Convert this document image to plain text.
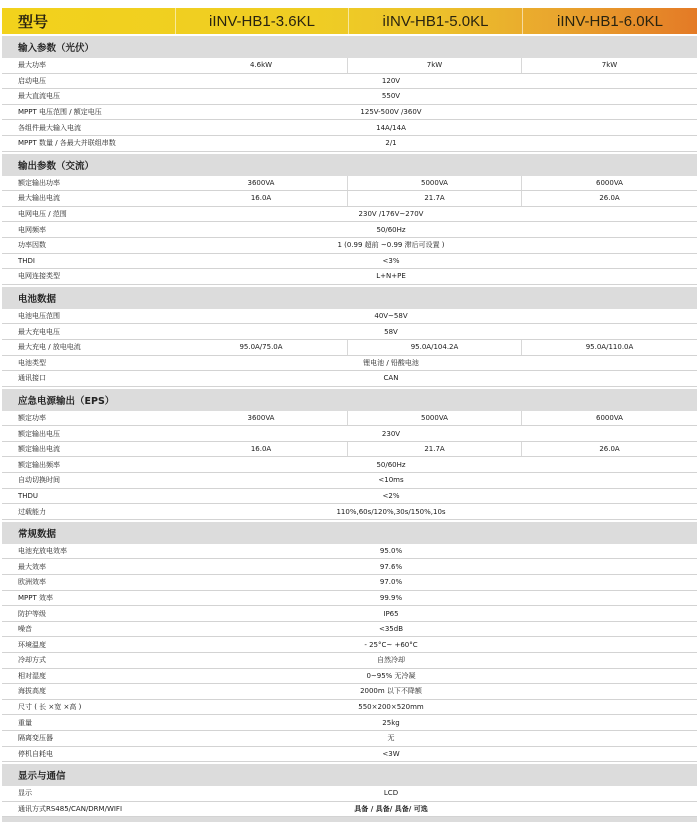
型号	iINV-HB1-3.6KL	iINV-HB1-5.0KL	iINV-HB1-6.0KL
输入参数（光伏）
最大功率	4.6kW	7kW	7kW
启动电压	120V
最大直流电压	550V
MPPT 电压范围 / 额定电压	125V-500V /360V
各组件最大输入电流	14A/14A
MPPT 数量 / 各最大并联组串数	2/1
输出参数（交流）
额定输出功率	3600VA	5000VA	6000VA
最大输出电流	16.0A	21.7A	26.0A
电网电压 / 范围	230V /176V~270V
电网频率	50/60Hz
功率因数	1 (0.99 超前 ~0.99 滞后可设置 )
THDI	<3%
电网连接类型	L+N+PE
电池数据
电池电压范围	40V~58V
最大充电电压	58V
最大充电 / 放电电流	95.0A/75.0A	95.0A/104.2A	95.0A/110.0A
电池类型	锂电池 / 铅酸电池
通讯接口	CAN
应急电源输出（EPS）
额定功率	3600VA	5000VA	6000VA
额定输出电压	230V
额定输出电流	16.0A	21.7A	26.0A
额定输出频率	50/60Hz
自动切换时间	<10ms
THDU	<2%
过载能力	110%,60s/120%,30s/150%,10s
常规数据
电池充放电效率	95.0%
最大效率	97.6%
欧洲效率	97.0%
MPPT 效率	99.9%
防护等级	IP65
噪音	<35dB
环境温度	- 25°C~ +60°C
冷却方式	自然冷却
相对湿度	0~95% 无冷凝
海拔高度	2000m 以下不降额
尺寸 ( 长 ×宽 ×高 )	550×200×520mm
重量	25kg
隔离变压器	无
停机自耗电	<3W
显示与通信
显示	LCD
通讯方式RS485/CAN/DRM/WIFI	具备 / 具备/ 具备/ 可选
